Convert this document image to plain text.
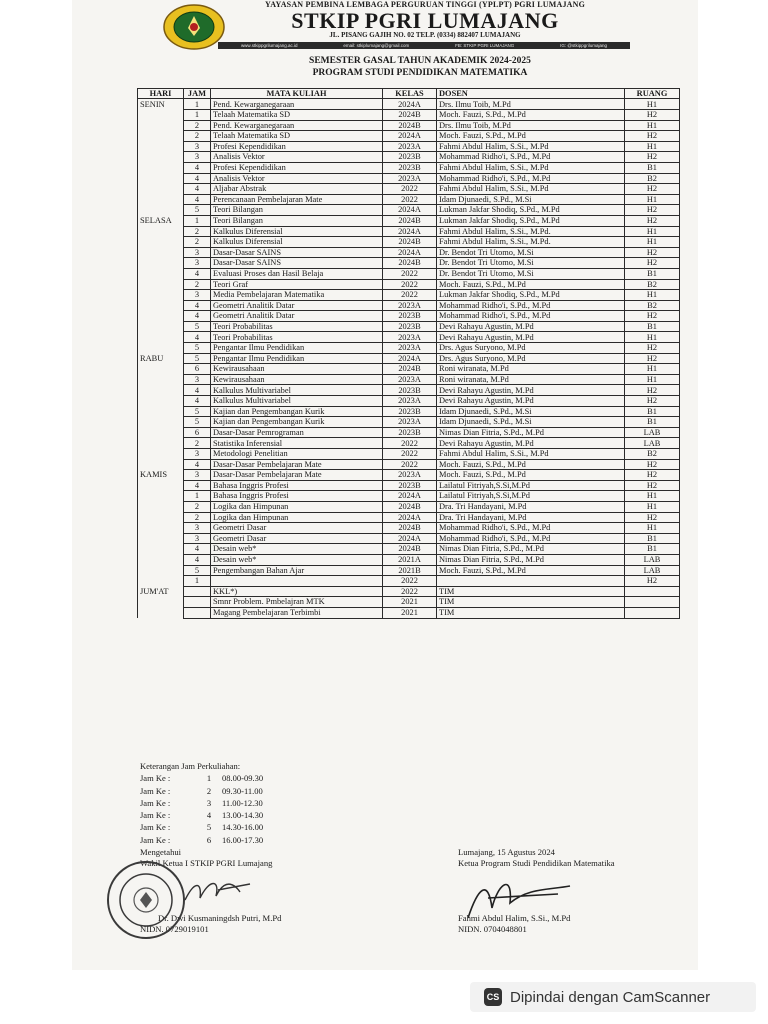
YAYASAN PEMBINA LEMBAGA PERGURUAN TINGGI (YPLPT) PGRI LUMAJANG
STKIP PGRI LUMAJANG
JL. PISANG GAJIH NO. 02 TELP. (0334) 882407 LUMAJANG
www.stkippgrilumajang.ac.id	email: stkiplumajang@gmail.com	FB: STKIP PGRI LUMAJANG	IG: @stkippgrilumajang
SEMESTER GASAL TAHUN AKADEMIK 2024-2025
PROGRAM STUDI PENDIDIKAN MATEMATIKA
HARI	JAM	MATA KULIAH	KELAS	DOSEN	RUANG
SENIN	1	Pend. Kewarganegaraan	2024A	Drs. Ilmu Toib, M.Pd	H1
	1	Telaah Matematika SD	2024B	Moch. Fauzi, S.Pd., M.Pd	H2
	2	Pend. Kewarganegaraan	2024B	Drs. Ilmu Toib, M.Pd	H1
	2	Telaah Matematika SD	2024A	Moch. Fauzi, S.Pd., M.Pd	H2
	3	Profesi Kependidikan	2023A	Fahmi Abdul Halim, S.Si., M.Pd	H1
	3	Analisis Vektor	2023B	Mohammad Ridho'i, S.Pd., M.Pd	H2
	4	Profesi Kependidikan	2023B	Fahmi Abdul Halim, S.Si., M.Pd	B1
	4	Analisis Vektor	2023A	Mohammad Ridho'i, S.Pd., M.Pd	B2
	4	Aljabar Abstrak	2022	Fahmi Abdul Halim, S.Si., M.Pd	H2
	4	Perencanaan Pembelajaran Mate	2022	Idam Djunaedi, S.Pd., M.Si	H1
	5	Teori Bilangan	2024A	Lukman Jakfar Shodiq, S.Pd., M.Pd	H2
SELASA	1	Teori Bilangan	2024B	Lukman Jakfar Shodiq, S.Pd., M.Pd	H2
	2	Kalkulus Diferensial	2024A	Fahmi Abdul Halim, S.Si., M.Pd.	H1
	2	Kalkulus Diferensial	2024B	Fahmi Abdul Halim, S.Si., M.Pd.	H1
	3	Dasar-Dasar SAINS	2024A	Dr. Bendot Tri Utomo, M.Si	H2
	3	Dasar-Dasar SAINS	2024B	Dr. Bendot Tri Utomo, M.Si	H2
	4	Evaluasi Proses dan Hasil Belaja	2022	Dr. Bendot Tri Utomo, M.Si	B1
	2	Teori Graf	2022	Moch. Fauzi, S.Pd., M.Pd	B2
	3	Media Pembelajaran Matematika	2022	Lukman Jakfar Shodiq, S.Pd., M.Pd	H1
	4	Geometri Analitik Datar	2023A	Mohammad Ridho'i, S.Pd., M.Pd	B2
	4	Geometri Analitik Datar	2023B	Mohammad Ridho'i, S.Pd., M.Pd	H2
	5	Teori Probabilitas	2023B	Devi Rahayu Agustin, M.Pd	B1
	4	Teori Probabilitas	2023A	Devi Rahayu Agustin, M.Pd	H1
	5	Pengantar Ilmu Pendidikan	2023A	Drs. Agus Suryono, M.Pd	H2
RABU	5	Pengantar Ilmu Pendidikan	2024A	Drs. Agus Suryono, M.Pd	H2
	6	Kewirausahaan	2024B	Roni wiranata, M.Pd	H1
	3	Kewirausahaan	2023A	Roni wiranata, M.Pd	H1
	4	Kalkulus Multivariabel	2023B	Devi Rahayu Agustin, M.Pd	H2
	4	Kalkulus Multivariabel	2023A	Devi Rahayu Agustin, M.Pd	H2
	5	Kajian dan Pengembangan Kurik	2023B	Idam Djunaedi, S.Pd., M.Si	B1
	5	Kajian dan Pengembangan Kurik	2023A	Idam Djunaedi, S.Pd., M.Si	B1
	6	Dasar-Dasar Pemrograman	2023B	Nimas Dian Fitria, S.Pd., M.Pd	LAB
	2	Statistika Inferensial	2022	Devi Rahayu Agustin, M.Pd	LAB
	3	Metodologi Penelitian	2022	Fahmi Abdul Halim, S.Si., M.Pd	B2
	4	Dasar-Dasar Pembelajaran Mate	2022	Moch. Fauzi, S.Pd., M.Pd	H2
KAMIS	3	Dasar-Dasar Pembelajaran Mate	2023A	Moch. Fauzi, S.Pd., M.Pd	H2
	4	Bahasa Inggris Profesi	2023B	Lailatul Fitriyah,S.Si,M.Pd	H2
	1	Bahasa Inggris Profesi	2024A	Lailatul Fitriyah,S.Si,M.Pd	H1
	2	Logika dan Himpunan	2024B	Dra. Tri Handayani, M.Pd	H1
	2	Logika dan Himpunan	2024A	Dra. Tri Handayani, M.Pd	H2
	3	Geometri Dasar	2024B	Mohammad Ridho'i, S.Pd., M.Pd	H1
	3	Geometri Dasar	2024A	Mohammad Ridho'i, S.Pd., M.Pd	B1
	4	Desain web*	2024B	Nimas Dian Fitria, S.Pd., M.Pd	B1
	4	Desain web*	2021A	Nimas Dian Fitria, S.Pd., M.Pd	LAB
	5	Pengembangan Bahan Ajar	2021B	Moch. Fauzi, S.Pd., M.Pd	LAB
	1		2022		H2
JUM'AT		KKL*)	2022	TIM	
		Smnr Problem. Pmbelajran MTK	2021	TIM	
		Magang Pembelajaran Terbimbi	2021	TIM	
Keterangan Jam Perkuliahan:
Jam Ke :	1	08.00-09.30
Jam Ke :	2	09.30-11.00
Jam Ke :	3	11.00-12.30
Jam Ke :	4	13.00-14.30
Jam Ke :	5	14.30-16.00
Jam Ke :	6	16.00-17.30
Mengetahui
Wakil Ketua I STKIP PGRI Lumajang
Dr. Dwi Kusmaningdsh Putri, M.Pd
NIDN. 0729019101
Lumajang, 15 Agustus 2024
Ketua Program Studi Pendidikan Matematika
Fahmi Abdul Halim, S.Si., M.Pd
NIDN. 0704048801
CS Dipindai dengan CamScanner
